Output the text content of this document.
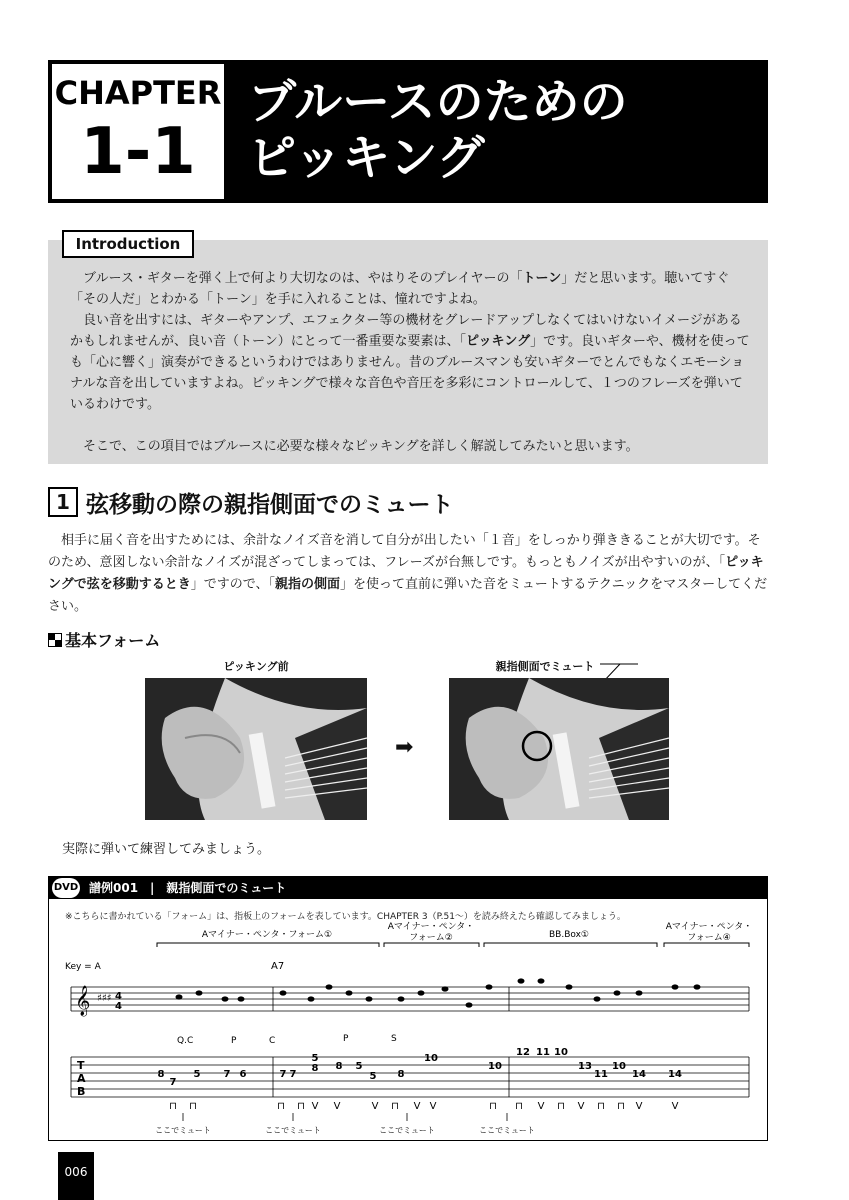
CHAPTER
1-1
ブルースのための
ピッキング
Introduction

ブルース・ギターを弾く上で何より大切なのは、やはりそのプレイヤーの「トーン」だと思います。聴いてすぐ「その人だ」とわかる「トーン」を手に入れることは、憧れですよね。

良い音を出すには、ギターやアンプ、エフェクター等の機材をグレードアップしなくてはいけないイメージがあるかもしれませんが、良い音（トーン）にとって一番重要な要素は、「ピッキング」です。良いギターや、機材を使っても「心に響く」演奏ができるというわけではありません。昔のブルースマンも安いギターでとんでもなくエモーショナルな音を出していますよね。ピッキングで様々な音色や音圧を多彩にコントロールして、１つのフレーズを弾いているわけです。

そこで、この項目ではブルースに必要な様々なピッキングを詳しく解説してみたいと思います。

1 弦移動の際の親指側面でのミュート

相手に届く音を出すためには、余計なノイズ音を消して自分が出したい「１音」をしっかり弾ききることが大切です。そのため、意図しない余計なノイズが混ざってしまっては、フレーズが台無しです。もっともノイズが出やすいのが、「ピッキングで弦を移動するとき」ですので、「親指の側面」を使って直前に弾いた音をミュートするテクニックをマスターしてください。

基本フォーム
ピッキング前	親指側面でミュート
➡
実際に弾いて練習してみましょう。
DVD 譜例001　|　親指側面でのミュート
※こちらに書かれている「フォーム」は、指板上のフォームを表しています。CHAPTER 3（P.51〜）を読み終えたら確認してみましょう。
Aマイナー・ペンタ・フォーム①
Aマイナー・ペンタ・
フォーム②	BB.Box①
Aマイナー・ペンタ・
フォーム④
Key = A	A7
𝄞 ♯♯♯ 4
4
T
A
B
8
7
5 7 6	7 7
5
8 8 5
5 8
10
10
12 11 10
13
11
10
14 14
Q.C	P	C	P	S
⊓ ⊓	⊓ ⊓ V V	V ⊓ V V	⊓ ⊓ V ⊓ V ⊓ ⊓ V	V
ここでミュート	ここでミュート	ここでミュート	ここでミュート
006
